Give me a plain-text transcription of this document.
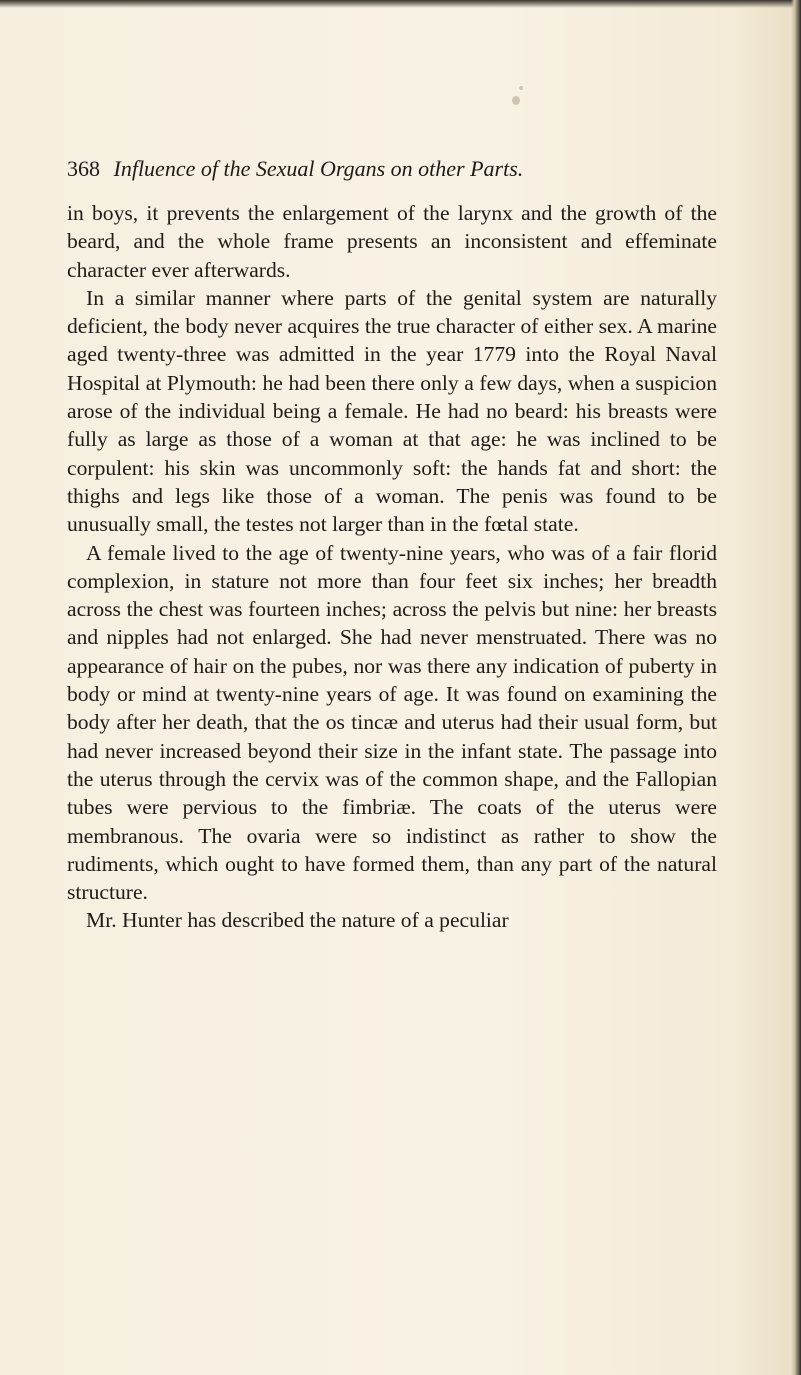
368 Influence of the Sexual Organs on other Parts.

in boys, it prevents the enlargement of the larynx and the growth of the beard, and the whole frame presents an inconsistent and effeminate character ever afterwards.

In a similar manner where parts of the genital system are naturally deficient, the body never acquires the true character of either sex. A marine aged twenty-three was admitted in the year 1779 into the Royal Naval Hospital at Plymouth: he had been there only a few days, when a suspicion arose of the individual being a female. He had no beard: his breasts were fully as large as those of a woman at that age: he was inclined to be corpulent: his skin was uncommonly soft: the hands fat and short: the thighs and legs like those of a woman. The penis was found to be unusually small, the testes not larger than in the fœtal state.

A female lived to the age of twenty-nine years, who was of a fair florid complexion, in stature not more than four feet six inches; her breadth across the chest was fourteen inches; across the pelvis but nine: her breasts and nipples had not enlarged. She had never menstruated. There was no appearance of hair on the pubes, nor was there any indication of puberty in body or mind at twenty-nine years of age. It was found on examining the body after her death, that the os tincæ and uterus had their usual form, but had never increased beyond their size in the infant state. The passage into the uterus through the cervix was of the common shape, and the Fallopian tubes were pervious to the fimbriæ. The coats of the uterus were membranous. The ovaria were so indistinct as rather to show the rudiments, which ought to have formed them, than any part of the natural structure.

Mr. Hunter has described the nature of a peculiar
